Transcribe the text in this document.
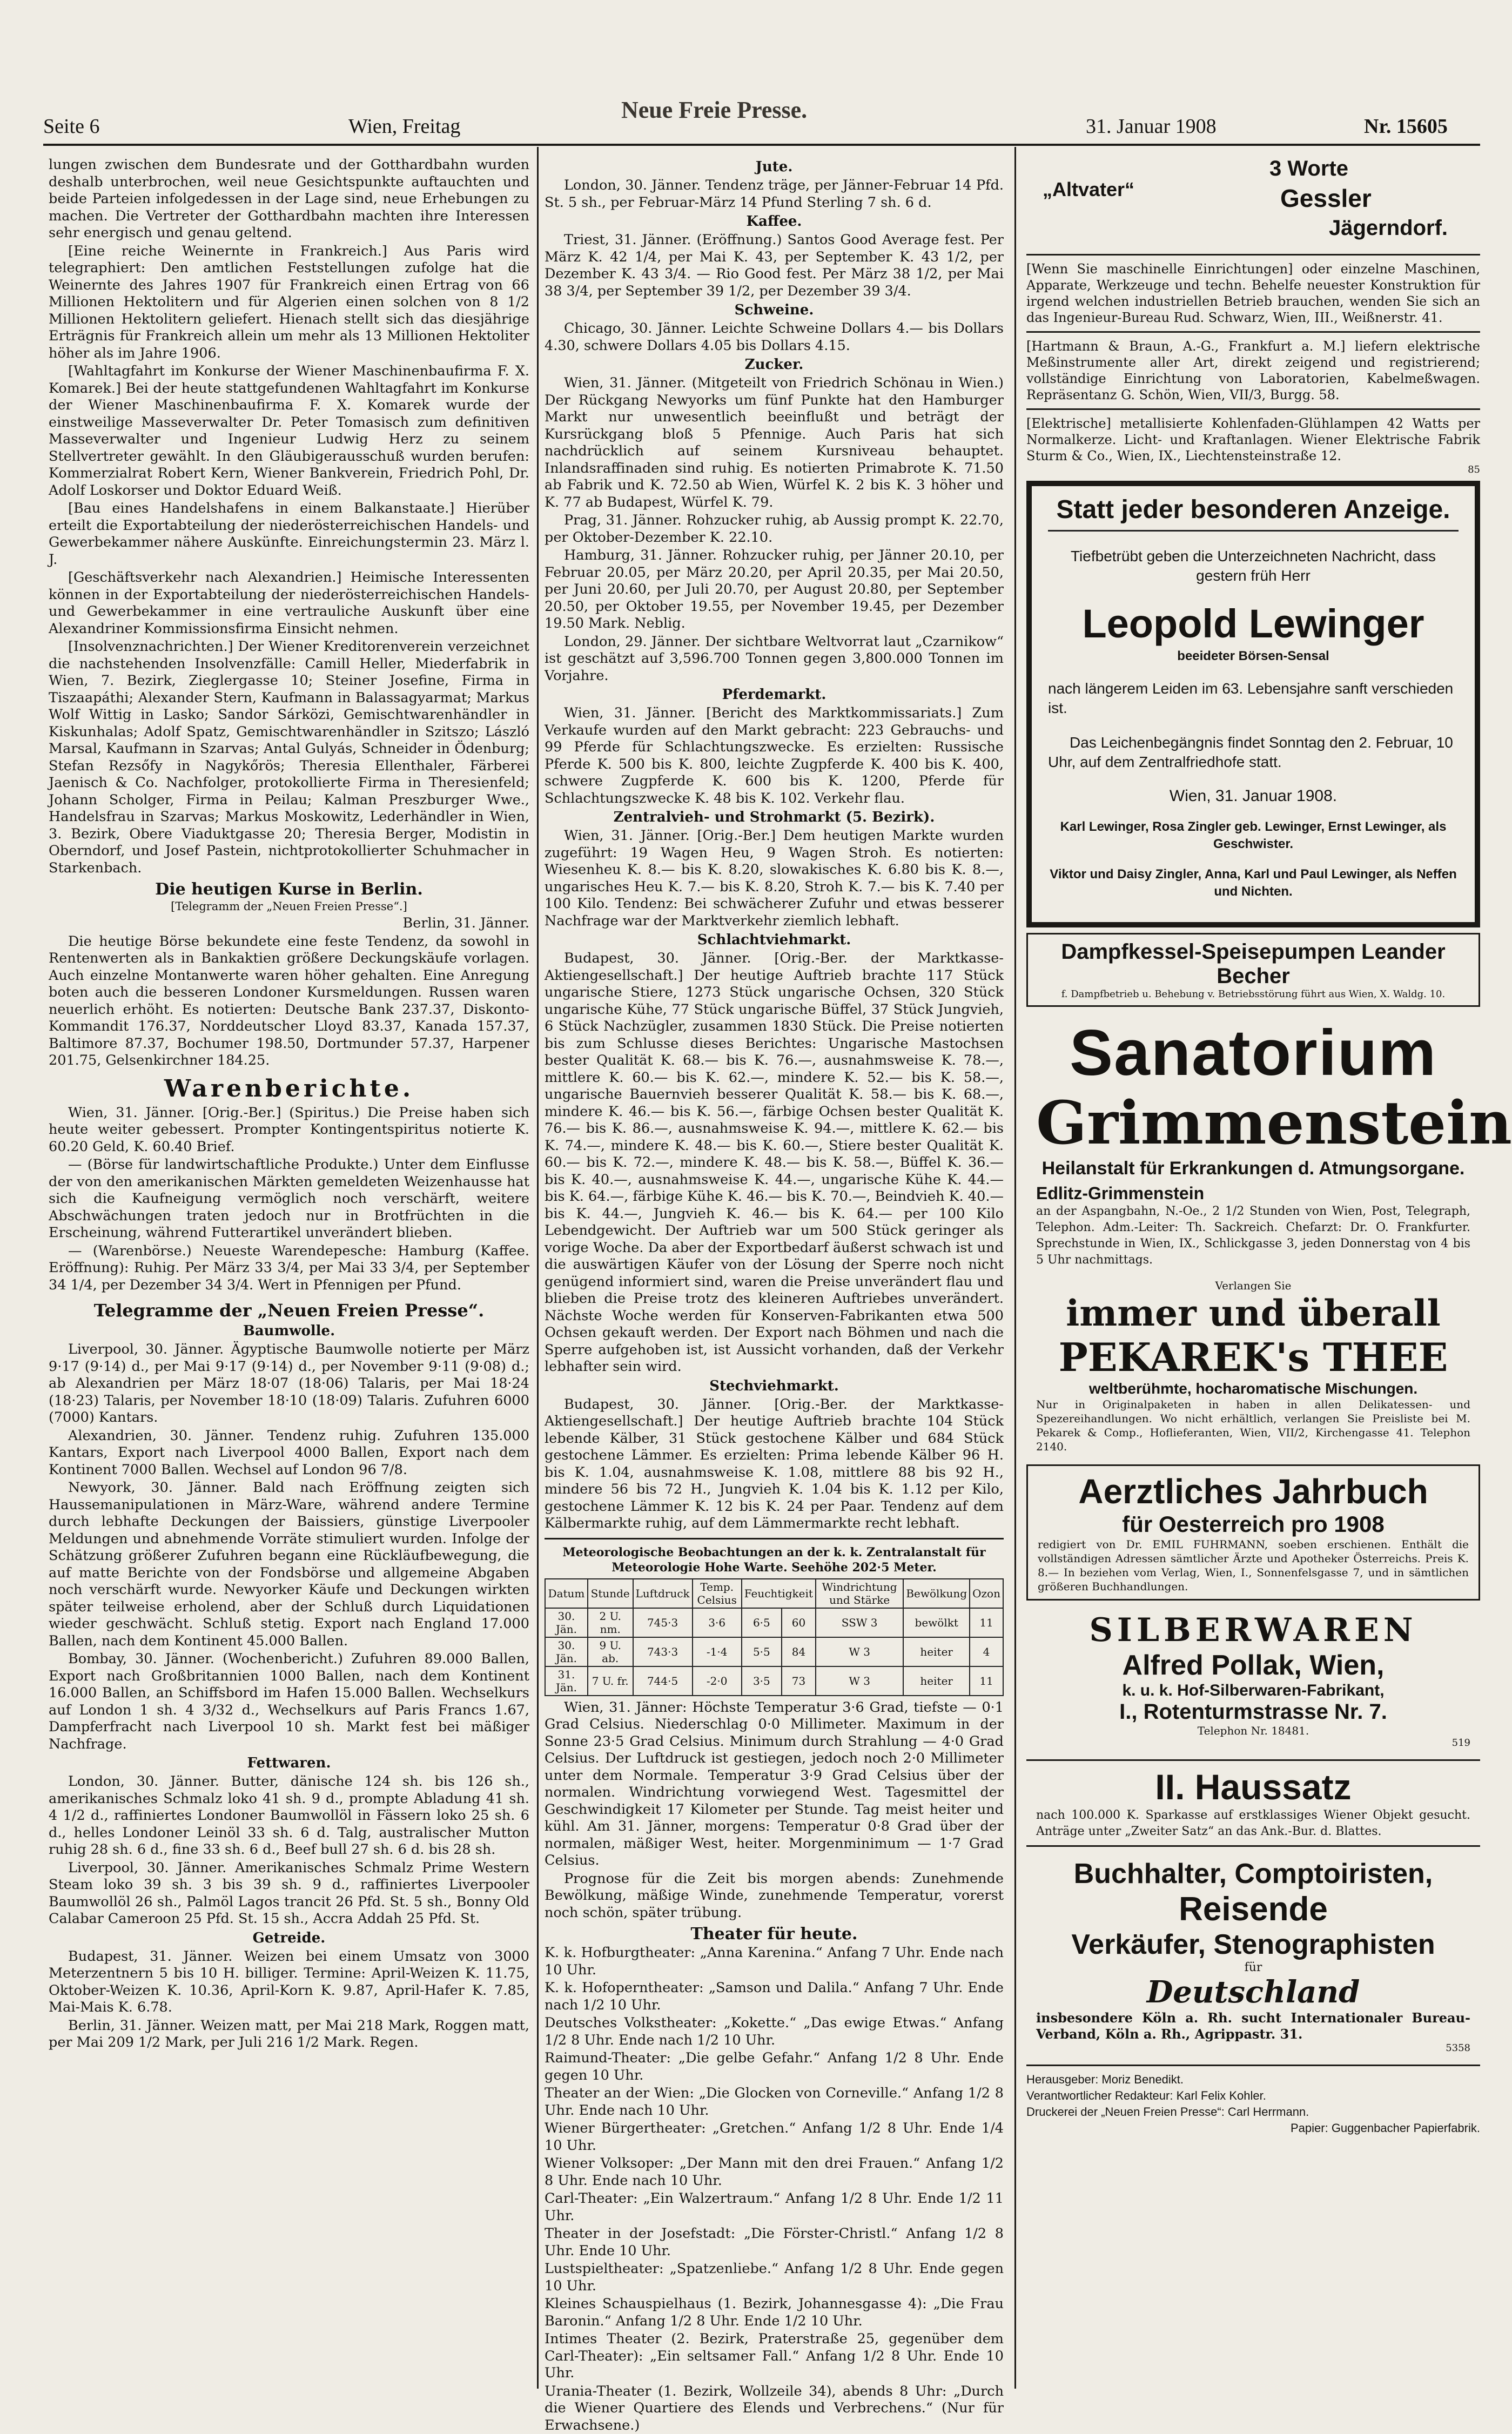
Seite 6	Wien, Freitag
Neue Freie Presse.
31. Januar 1908	Nr. 15605

lungen zwischen dem Bundesrate und der Gotthardbahn wurden deshalb unterbrochen, weil neue Gesichtspunkte auftauchten und beide Parteien infolgedessen in der Lage sind, neue Erhebungen zu machen. Die Vertreter der Gotthardbahn machten ihre Interessen sehr energisch und genau geltend.

[Eine reiche Weinernte in Frankreich.] Aus Paris wird telegraphiert: Den amtlichen Feststellungen zufolge hat die Weinernte des Jahres 1907 für Frankreich einen Ertrag von 66 Millionen Hektolitern und für Algerien einen solchen von 8 1/2 Millionen Hektolitern geliefert. Hienach stellt sich das diesjährige Erträgnis für Frankreich allein um mehr als 13 Millionen Hektoliter höher als im Jahre 1906.

[Wahltagfahrt im Konkurse der Wiener Maschinenbaufirma F. X. Komarek.] Bei der heute stattgefundenen Wahltagfahrt im Konkurse der Wiener Maschinenbaufirma F. X. Komarek wurde der einstweilige Masseverwalter Dr. Peter Tomasisch zum definitiven Masseverwalter und Ingenieur Ludwig Herz zu seinem Stellvertreter gewählt. In den Gläubigerausschuß wurden berufen: Kommerzialrat Robert Kern, Wiener Bankverein, Friedrich Pohl, Dr. Adolf Loskorser und Doktor Eduard Weiß.

[Bau eines Handelshafens in einem Balkanstaate.] Hierüber erteilt die Exportabteilung der niederösterreichischen Handels- und Gewerbekammer nähere Auskünfte. Einreichungstermin 23. März l. J.

[Geschäftsverkehr nach Alexandrien.] Heimische Interessenten können in der Exportabteilung der niederösterreichischen Handels- und Gewerbekammer in eine vertrauliche Auskunft über eine Alexandriner Kommissionsfirma Einsicht nehmen.

[Insolvenznachrichten.] Der Wiener Kreditorenverein verzeichnet die nachstehenden Insolvenzfälle: Camill Heller, Miederfabrik in Wien, 7. Bezirk, Zieglergasse 10; Steiner Josefine, Firma in Tiszaapáthi; Alexander Stern, Kaufmann in Balassagyarmat; Markus Wolf Wittig in Lasko; Sandor Sárközi, Gemischtwarenhändler in Kiskunhalas; Adolf Spatz, Gemischtwarenhändler in Szitszo; László Marsal, Kaufmann in Szarvas; Antal Gulyás, Schneider in Ödenburg; Stefan Rezsőfy in Nagykőrös; Theresia Ellenthaler, Färberei Jaenisch & Co. Nachfolger, protokollierte Firma in Theresienfeld; Johann Scholger, Firma in Peilau; Kalman Preszburger Wwe., Handelsfrau in Szarvas; Markus Moskowitz, Lederhändler in Wien, 3. Bezirk, Obere Viaduktgasse 20; Theresia Berger, Modistin in Oberndorf, und Josef Pastein, nichtprotokollierter Schuhmacher in Starkenbach.

Die heutigen Kurse in Berlin.
[Telegramm der „Neuen Freien Presse“.]

Berlin, 31. Jänner.

Die heutige Börse bekundete eine feste Tendenz, da sowohl in Rentenwerten als in Bankaktien größere Deckungskäufe vorlagen. Auch einzelne Montanwerte waren höher gehalten. Eine Anregung boten auch die besseren Londoner Kursmeldungen. Russen waren neuerlich erhöht. Es notierten: Deutsche Bank 237.37, Diskonto-Kommandit 176.37, Norddeutscher Lloyd 83.37, Kanada 157.37, Baltimore 87.37, Bochumer 198.50, Dortmunder 57.37, Harpener 201.75, Gelsenkirchner 184.25.

Warenberichte.

Wien, 31. Jänner. [Orig.-Ber.] (Spiritus.) Die Preise haben sich heute weiter gebessert. Prompter Kontingentspiritus notierte K. 60.20 Geld, K. 60.40 Brief.

— (Börse für landwirtschaftliche Produkte.) Unter dem Einflusse der von den amerikanischen Märkten gemeldeten Weizenhausse hat sich die Kaufneigung vermöglich noch verschärft, weitere Abschwächungen traten jedoch nur in Brotfrüchten in die Erscheinung, während Futterartikel unverändert blieben.

— (Warenbörse.) Neueste Warendepesche: Hamburg (Kaffee. Eröffnung): Ruhig. Per März 33 3/4, per Mai 33 3/4, per September 34 1/4, per Dezember 34 3/4. Wert in Pfennigen per Pfund.

Telegramme der „Neuen Freien Presse“.
Baumwolle.

Liverpool, 30. Jänner. Ägyptische Baumwolle notierte per März 9·17 (9·14) d., per Mai 9·17 (9·14) d., per November 9·11 (9·08) d.; ab Alexandrien per März 18·07 (18·06) Talaris, per Mai 18·24 (18·23) Talaris, per November 18·10 (18·09) Talaris. Zufuhren 6000 (7000) Kantars.

Alexandrien, 30. Jänner. Tendenz ruhig. Zufuhren 135.000 Kantars, Export nach Liverpool 4000 Ballen, Export nach dem Kontinent 7000 Ballen. Wechsel auf London 96 7/8.

Newyork, 30. Jänner. Bald nach Eröffnung zeigten sich Haussemanipulationen in März-Ware, während andere Termine durch lebhafte Deckungen der Baissiers, günstige Liverpooler Meldungen und abnehmende Vorräte stimuliert wurden. Infolge der Schätzung größerer Zufuhren begann eine Rückläufbewegung, die auf matte Berichte von der Fondsbörse und allgemeine Abgaben noch verschärft wurde. Newyorker Käufe und Deckungen wirkten später teilweise erholend, aber der Schluß durch Liquidationen wieder geschwächt. Schluß stetig. Export nach England 17.000 Ballen, nach dem Kontinent 45.000 Ballen.

Bombay, 30. Jänner. (Wochenbericht.) Zufuhren 89.000 Ballen, Export nach Großbritannien 1000 Ballen, nach dem Kontinent 16.000 Ballen, an Schiffsbord im Hafen 15.000 Ballen. Wechselkurs auf London 1 sh. 4 3/32 d., Wechselkurs auf Paris Francs 1.67, Dampferfracht nach Liverpool 10 sh. Markt fest bei mäßiger Nachfrage.

Fettwaren.

London, 30. Jänner. Butter, dänische 124 sh. bis 126 sh., amerikanisches Schmalz loko 41 sh. 9 d., prompte Abladung 41 sh. 4 1/2 d., raffiniertes Londoner Baumwollöl in Fässern loko 25 sh. 6 d., helles Londoner Leinöl 33 sh. 6 d. Talg, australischer Mutton ruhig 28 sh. 6 d., fine 33 sh. 6 d., Beef bull 27 sh. 6 d. bis 28 sh.

Liverpool, 30. Jänner. Amerikanisches Schmalz Prime Western Steam loko 39 sh. 3 bis 39 sh. 9 d., raffiniertes Liverpooler Baumwollöl 26 sh., Palmöl Lagos trancit 26 Pfd. St. 5 sh., Bonny Old Calabar Cameroon 25 Pfd. St. 15 sh., Accra Addah 25 Pfd. St.

Getreide.

Budapest, 31. Jänner. Weizen bei einem Umsatz von 3000 Meterzentnern 5 bis 10 H. billiger. Termine: April-Weizen K. 11.75, Oktober-Weizen K. 10.36, April-Korn K. 9.87, April-Hafer K. 7.85, Mai-Mais K. 6.78.

Berlin, 31. Jänner. Weizen matt, per Mai 218 Mark, Roggen matt, per Mai 209 1/2 Mark, per Juli 216 1/2 Mark. Regen.

Jute.

London, 30. Jänner. Tendenz träge, per Jänner-Februar 14 Pfd. St. 5 sh., per Februar-März 14 Pfund Sterling 7 sh. 6 d.

Kaffee.

Triest, 31. Jänner. (Eröffnung.) Santos Good Average fest. Per März K. 42 1/4, per Mai K. 43, per September K. 43 1/2, per Dezember K. 43 3/4. — Rio Good fest. Per März 38 1/2, per Mai 38 3/4, per September 39 1/2, per Dezember 39 3/4.

Schweine.

Chicago, 30. Jänner. Leichte Schweine Dollars 4.— bis Dollars 4.30, schwere Dollars 4.05 bis Dollars 4.15.

Zucker.

Wien, 31. Jänner. (Mitgeteilt von Friedrich Schönau in Wien.) Der Rückgang Newyorks um fünf Punkte hat den Hamburger Markt nur unwesentlich beeinflußt und beträgt der Kursrückgang bloß 5 Pfennige. Auch Paris hat sich nachdrücklich auf seinem Kursniveau behauptet. Inlandsraffinaden sind ruhig. Es notierten Primabrote K. 71.50 ab Fabrik und K. 72.50 ab Wien, Würfel K. 2 bis K. 3 höher und K. 77 ab Budapest, Würfel K. 79.

Prag, 31. Jänner. Rohzucker ruhig, ab Aussig prompt K. 22.70, per Oktober-Dezember K. 22.10.

Hamburg, 31. Jänner. Rohzucker ruhig, per Jänner 20.10, per Februar 20.05, per März 20.20, per April 20.35, per Mai 20.50, per Juni 20.60, per Juli 20.70, per August 20.80, per September 20.50, per Oktober 19.55, per November 19.45, per Dezember 19.50 Mark. Neblig.

London, 29. Jänner. Der sichtbare Weltvorrat laut „Czarnikow“ ist geschätzt auf 3,596.700 Tonnen gegen 3,800.000 Tonnen im Vorjahre.

Pferdemarkt.

Wien, 31. Jänner. [Bericht des Marktkommissariats.] Zum Verkaufe wurden auf den Markt gebracht: 223 Gebrauchs- und 99 Pferde für Schlachtungszwecke. Es erzielten: Russische Pferde K. 500 bis K. 800, leichte Zugpferde K. 400 bis K. 400, schwere Zugpferde K. 600 bis K. 1200, Pferde für Schlachtungszwecke K. 48 bis K. 102. Verkehr flau.

Zentralvieh- und Strohmarkt (5. Bezirk).

Wien, 31. Jänner. [Orig.-Ber.] Dem heutigen Markte wurden zugeführt: 19 Wagen Heu, 9 Wagen Stroh. Es notierten: Wiesenheu K. 8.— bis K. 8.20, slowakisches K. 6.80 bis K. 8.—, ungarisches Heu K. 7.— bis K. 8.20, Stroh K. 7.— bis K. 7.40 per 100 Kilo. Tendenz: Bei schwächerer Zufuhr und etwas besserer Nachfrage war der Marktverkehr ziemlich lebhaft.

Schlachtviehmarkt.

Budapest, 30. Jänner. [Orig.-Ber. der Marktkasse-Aktiengesellschaft.] Der heutige Auftrieb brachte 117 Stück ungarische Stiere, 1273 Stück ungarische Ochsen, 320 Stück ungarische Kühe, 77 Stück ungarische Büffel, 37 Stück Jungvieh, 6 Stück Nachzügler, zusammen 1830 Stück. Die Preise notierten bis zum Schlusse dieses Berichtes: Ungarische Mastochsen bester Qualität K. 68.— bis K. 76.—, ausnahmsweise K. 78.—, mittlere K. 60.— bis K. 62.—, mindere K. 52.— bis K. 58.—, ungarische Bauernvieh besserer Qualität K. 58.— bis K. 68.—, mindere K. 46.— bis K. 56.—, färbige Ochsen bester Qualität K. 76.— bis K. 86.—, ausnahmsweise K. 94.—, mittlere K. 62.— bis K. 74.—, mindere K. 48.— bis K. 60.—, Stiere bester Qualität K. 60.— bis K. 72.—, mindere K. 48.— bis K. 58.—, Büffel K. 36.— bis K. 40.—, ausnahmsweise K. 44.—, ungarische Kühe K. 44.— bis K. 64.—, färbige Kühe K. 46.— bis K. 70.—, Beindvieh K. 40.— bis K. 44.—, Jungvieh K. 46.— bis K. 64.— per 100 Kilo Lebendgewicht. Der Auftrieb war um 500 Stück geringer als vorige Woche. Da aber der Exportbedarf äußerst schwach ist und die auswärtigen Käufer von der Lösung der Sperre noch nicht genügend informiert sind, waren die Preise unverändert flau und blieben die Preise trotz des kleineren Auftriebes unverändert. Nächste Woche werden für Konserven-Fabrikanten etwa 500 Ochsen gekauft werden. Der Export nach Böhmen und nach die Sperre aufgehoben ist, ist Aussicht vorhanden, daß der Verkehr lebhafter sein wird.

Stechviehmarkt.

Budapest, 30. Jänner. [Orig.-Ber. der Marktkasse-Aktiengesellschaft.] Der heutige Auftrieb brachte 104 Stück lebende Kälber, 31 Stück gestochene Kälber und 684 Stück gestochene Lämmer. Es erzielten: Prima lebende Kälber 96 H. bis K. 1.04, ausnahmsweise K. 1.08, mittlere 88 bis 92 H., mindere 56 bis 72 H., Jungvieh K. 1.04 bis K. 1.12 per Kilo, gestochene Lämmer K. 12 bis K. 24 per Paar. Tendenz auf dem Kälbermarkte ruhig, auf dem Lämmermarkte recht lebhaft.

Meteorologische Beobachtungen an der k. k. Zentralanstalt für Meteorologie Hohe Warte. Seehöhe 202·5 Meter.

Datum	Stunde	Luftdruck	Temp. Celsius	Feuchtigkeit		Windrichtung und Stärke	Bewölkung	Ozon
30. Jän.	2 U. nm.	745·3	3·6	6·5	60	SSW 3	bewölkt	11
30. Jän.	9 U. ab.	743·3	-1·4	5·5	84	W 3	heiter	4
31. Jän.	7 U. fr.	744·5	-2·0	3·5	73	W 3	heiter	11

Wien, 31. Jänner: Höchste Temperatur 3·6 Grad, tiefste — 0·1 Grad Celsius. Niederschlag 0·0 Millimeter. Maximum in der Sonne 23·5 Grad Celsius. Minimum durch Strahlung — 4·0 Grad Celsius. Der Luftdruck ist gestiegen, jedoch noch 2·0 Millimeter unter dem Normale. Temperatur 3·9 Grad Celsius über der normalen. Windrichtung vorwiegend West. Tagesmittel der Geschwindigkeit 17 Kilometer per Stunde. Tag meist heiter und kühl. Am 31. Jänner, morgens: Temperatur 0·8 Grad über der normalen, mäßiger West, heiter. Morgenminimum — 1·7 Grad Celsius.

Prognose für die Zeit bis morgen abends: Zunehmende Bewölkung, mäßige Winde, zunehmende Temperatur, vorerst noch schön, später trübung.

Theater für heute.

K. k. Hofburgtheater: „Anna Karenina.“ Anfang 7 Uhr. Ende nach 10 Uhr.

K. k. Hofoperntheater: „Samson und Dalila.“ Anfang 7 Uhr. Ende nach 1/2 10 Uhr.

Deutsches Volkstheater: „Kokette.“ „Das ewige Etwas.“ Anfang 1/2 8 Uhr. Ende nach 1/2 10 Uhr.

Raimund-Theater: „Die gelbe Gefahr.“ Anfang 1/2 8 Uhr. Ende gegen 10 Uhr.

Theater an der Wien: „Die Glocken von Corneville.“ Anfang 1/2 8 Uhr. Ende nach 10 Uhr.

Wiener Bürgertheater: „Gretchen.“ Anfang 1/2 8 Uhr. Ende 1/4 10 Uhr.

Wiener Volksoper: „Der Mann mit den drei Frauen.“ Anfang 1/2 8 Uhr. Ende nach 10 Uhr.

Carl-Theater: „Ein Walzertraum.“ Anfang 1/2 8 Uhr. Ende 1/2 11 Uhr.

Theater in der Josefstadt: „Die Förster-Christl.“ Anfang 1/2 8 Uhr. Ende 10 Uhr.

Lustspieltheater: „Spatzenliebe.“ Anfang 1/2 8 Uhr. Ende gegen 10 Uhr.

Kleines Schauspielhaus (1. Bezirk, Johannesgasse 4): „Die Frau Baronin.“ Anfang 1/2 8 Uhr. Ende 1/2 10 Uhr.

Intimes Theater (2. Bezirk, Praterstraße 25, gegenüber dem Carl-Theater): „Ein seltsamer Fall.“ Anfang 1/2 8 Uhr. Ende 10 Uhr.

Urania-Theater (1. Bezirk, Wollzeile 34), abends 8 Uhr: „Durch die Wiener Quartiere des Elends und Verbrechens.“ (Nur für Erwachsene.)

3 Worte
„Altvater“	Gessler
Jägerndorf.

[Wenn Sie maschinelle Einrichtungen] oder einzelne Maschinen, Apparate, Werkzeuge und techn. Behelfe neuester Konstruktion für irgend welchen industriellen Betrieb brauchen, wenden Sie sich an das Ingenieur-Bureau Rud. Schwarz, Wien, III., Weißnerstr. 41.

[Hartmann & Braun, A.-G., Frankfurt a. M.] liefern elektrische Meßinstrumente aller Art, direkt zeigend und registrierend; vollständige Einrichtung von Laboratorien, Kabelmeßwagen. Repräsentanz G. Schön, Wien, VII/3, Burgg. 58.

[Elektrische] metallisierte Kohlenfaden-Glühlampen 42 Watts per Normalkerze. Licht- und Kraftanlagen. Wiener Elektrische Fabrik Sturm & Co., Wien, IX., Liechtensteinstraße 12.

85

Statt jeder besonderen Anzeige.

Tiefbetrübt geben die Unterzeichneten Nachricht, dass gestern früh Herr

Leopold Lewinger
beeideter Börsen-Sensal

nach längerem Leiden im 63. Lebensjahre sanft verschieden ist.

Das Leichenbegängnis findet Sonntag den 2. Februar, 10 Uhr, auf dem Zentralfriedhofe statt.

Wien, 31. Januar 1908.

Karl Lewinger, Rosa Zingler geb. Lewinger, Ernst Lewinger, als Geschwister.

Viktor und Daisy Zingler, Anna, Karl und Paul Lewinger, als Neffen und Nichten.

Dampfkessel-Speisepumpen Leander Becher
f. Dampfbetrieb u. Behebung v. Betriebsstörung führt aus Wien, X. Waldg. 10.
Sanatorium
Grimmenstein
Heilanstalt für Erkrankungen d. Atmungsorgane.
Edlitz-Grimmenstein

an der Aspangbahn, N.-Oe., 2 1/2 Stunden von Wien, Post, Telegraph, Telephon. Adm.-Leiter: Th. Sackreich. Chefarzt: Dr. O. Frankfurter. Sprechstunde in Wien, IX., Schlickgasse 3, jeden Donnerstag von 4 bis 5 Uhr nachmittags.

Verlangen Sie
immer und überall
PEKAREK's THEE
weltberühmte, hocharomatische Mischungen.

Nur in Originalpaketen in haben in allen Delikatessen- und Spezereihandlungen. Wo nicht erhältlich, verlangen Sie Preisliste bei M. Pekarek & Comp., Hoflieferanten, Wien, VII/2, Kirchengasse 41. Telephon 2140.

Aerztliches Jahrbuch
für Oesterreich pro 1908

redigiert von Dr. EMIL FUHRMANN, soeben erschienen. Enthält die vollständigen Adressen sämtlicher Ärzte und Apotheker Österreichs. Preis K. 8.— In beziehen vom Verlag, Wien, I., Sonnenfelsgasse 7, und in sämtlichen größeren Buchhandlungen.

SILBERWAREN
Alfred Pollak, Wien,
k. u. k. Hof-Silberwaren-Fabrikant,
I., Rotenturmstrasse Nr. 7.
Telephon Nr. 18481.

519

II. Haussatz

nach 100.000 K. Sparkasse auf erstklassiges Wiener Objekt gesucht. Anträge unter „Zweiter Satz“ an das Ank.-Bur. d. Blattes.

Buchhalter, Comptoiristen,
Reisende
Verkäufer, Stenographisten
für
Deutschland

insbesondere Köln a. Rh. sucht Internationaler Bureau-Verband, Köln a. Rh., Agrippastr. 31.

5358

Herausgeber: Moriz Benedikt.

Verantwortlicher Redakteur: Karl Felix Kohler.

Druckerei der „Neuen Freien Presse“: Carl Herrmann.

Papier: Guggenbacher Papierfabrik.
